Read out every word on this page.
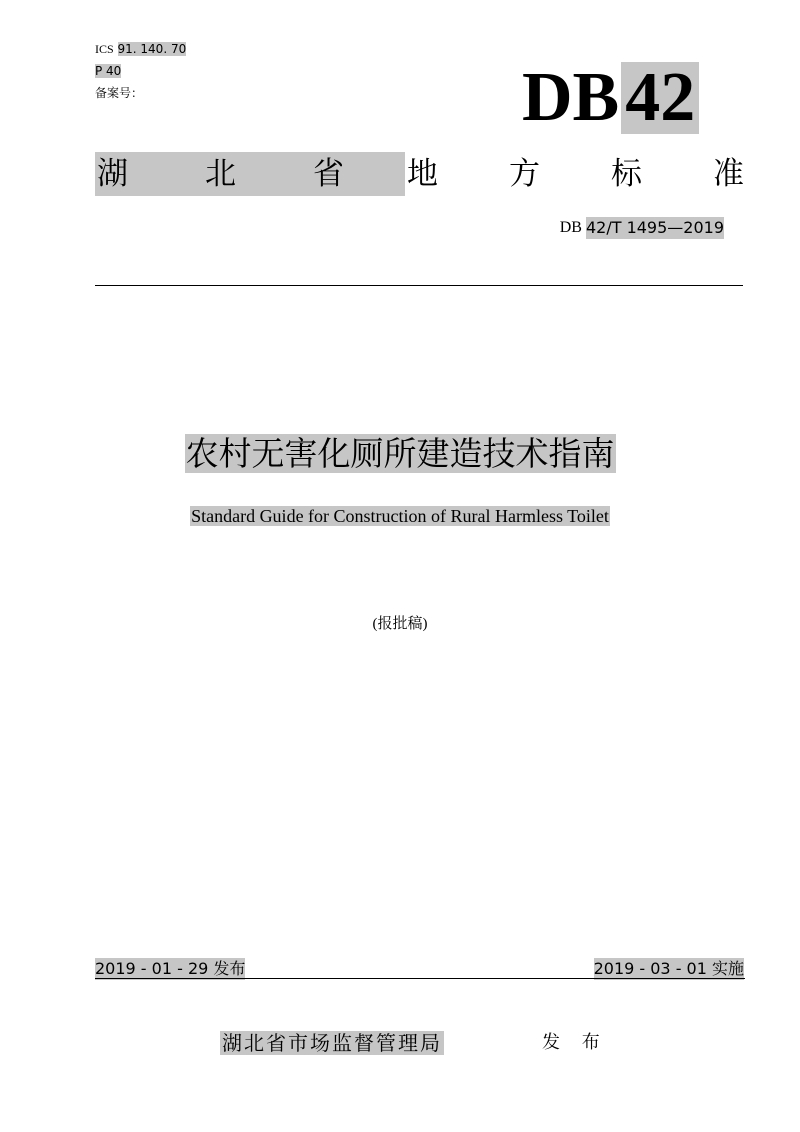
ICS 91. 140. 70
P 40
备案号：	DB 42
湖 北 省 地 方 标 准
DB 42/T 1495—2019
农村无害化厕所建造技术指南
Standard Guide for Construction of Rural Harmless Toilet
(报批稿)
2019 - 01 - 29 发布	2019 - 03 - 01 实施
湖北省市场监督管理局	发 布
